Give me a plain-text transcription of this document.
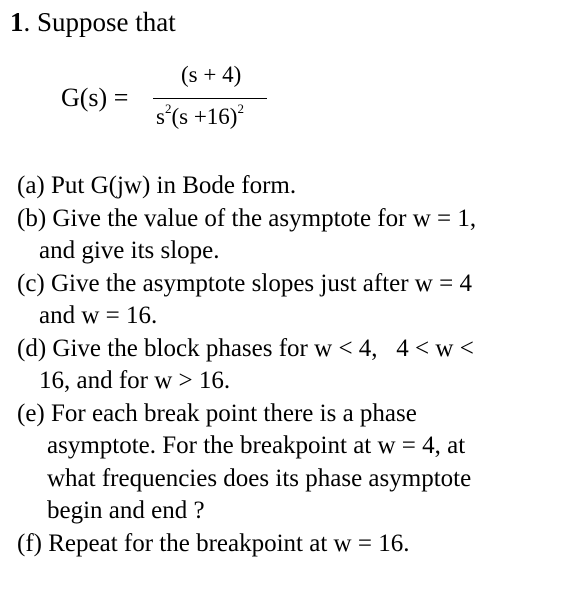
1. Suppose that
G(s) =
(s + 4)
$s^2(s +16)^2$
(a) Put G(jw) in Bode form.
(b) Give the value of the asymptote for w = 1,
and give its slope.
(c) Give the asymptote slopes just after w = 4
and w = 16.
(d) Give the block phases for w < 4,   4 < w <
16, and for w > 16.
(e) For each break point there is a phase
asymptote. For the breakpoint at w = 4, at
what frequencies does its phase asymptote
begin and end ?
(f) Repeat for the breakpoint at w = 16.
